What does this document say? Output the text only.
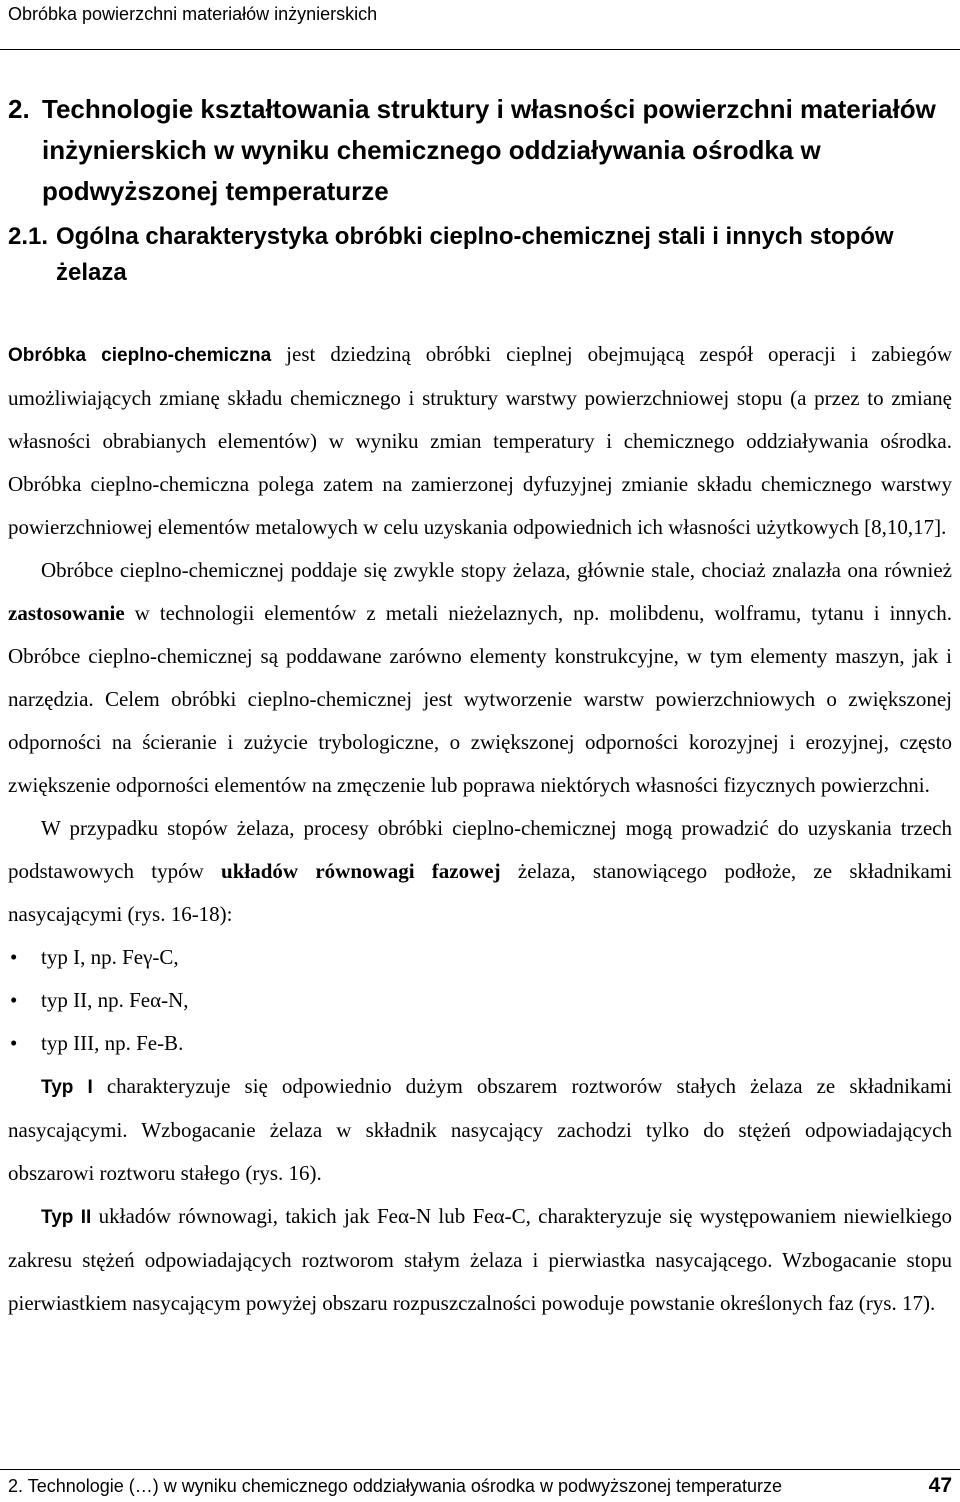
Obróbka powierzchni materiałów inżynierskich
2. Technologie kształtowania struktury i własności powierzchni materiałów inżynierskich w wyniku chemicznego oddziaływania ośrodka w podwyższonej temperaturze
2.1. Ogólna charakterystyka obróbki cieplno-chemicznej stali i innych stopów żelaza

Obróbka cieplno-chemiczna jest dziedziną obróbki cieplnej obejmującą zespół operacji i zabiegów umożliwiających zmianę składu chemicznego i struktury warstwy powierzchniowej stopu (a przez to zmianę własności obrabianych elementów) w wyniku zmian temperatury i chemicznego oddziaływania ośrodka. Obróbka cieplno-chemiczna polega zatem na zamierzonej dyfuzyjnej zmianie składu chemicznego warstwy powierzchniowej elementów metalowych w celu uzyskania odpowiednich ich własności użytkowych [8,10,17].

Obróbce cieplno-chemicznej poddaje się zwykle stopy żelaza, głównie stale, chociaż znalazła ona również zastosowanie w technologii elementów z metali nieżelaznych, np. molibdenu, wolframu, tytanu i innych. Obróbce cieplno-chemicznej są poddawane zarówno elementy konstrukcyjne, w tym elementy maszyn, jak i narzędzia. Celem obróbki cieplno-chemicznej jest wytworzenie warstw powierzchniowych o zwiększonej odporności na ścieranie i zużycie trybologiczne, o zwiększonej odporności korozyjnej i erozyjnej, często zwiększenie odporności elementów na zmęczenie lub poprawa niektórych własności fizycznych powierzchni.

W przypadku stopów żelaza, procesy obróbki cieplno-chemicznej mogą prowadzić do uzyskania trzech podstawowych typów układów równowagi fazowej żelaza, stanowiącego podłoże, ze składnikami nasycającymi (rys. 16-18):

• typ I, np. Feγ-C,
• typ II, np. Feα-N,
• typ III, np. Fe-B.

Typ I charakteryzuje się odpowiednio dużym obszarem roztworów stałych żelaza ze składnikami nasycającymi. Wzbogacanie żelaza w składnik nasycający zachodzi tylko do stężeń odpowiadających obszarowi roztworu stałego (rys. 16).

Typ II układów równowagi, takich jak Feα-N lub Feα-C, charakteryzuje się występowaniem niewielkiego zakresu stężeń odpowiadających roztworom stałym żelaza i pierwiastka nasycającego. Wzbogacanie stopu pierwiastkiem nasycającym powyżej obszaru rozpuszczalności powoduje powstanie określonych faz (rys. 17).

2. Technologie (…) w wyniku chemicznego oddziaływania ośrodka w podwyższonej temperaturze	47
